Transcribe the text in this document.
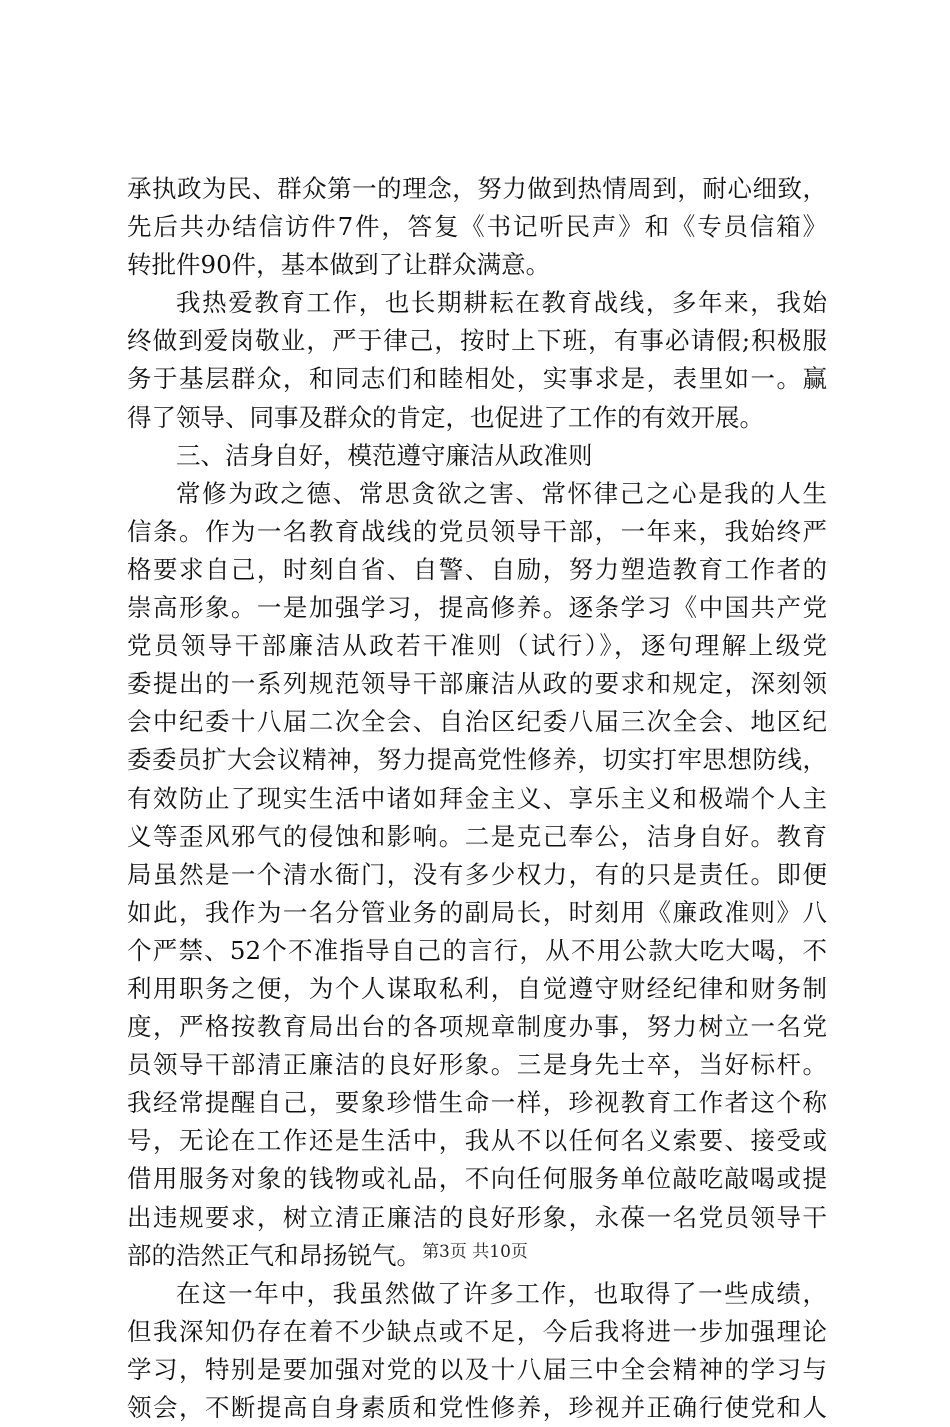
承执政为民、群众第一的理念，努力做到热情周到，耐心细致，
先后共办结信访件7件，答复《书记听民声》和《专员信箱》
转批件90件，基本做到了让群众满意。
我热爱教育工作，也长期耕耘在教育战线，多年来，我始
终做到爱岗敬业，严于律己，按时上下班，有事必请假;积极服
务于基层群众，和同志们和睦相处，实事求是，表里如一。赢
得了领导、同事及群众的肯定，也促进了工作的有效开展。
三、洁身自好，模范遵守廉洁从政准则
常修为政之德、常思贪欲之害、常怀律己之心是我的人生
信条。作为一名教育战线的党员领导干部，一年来，我始终严
格要求自己，时刻自省、自警、自励，努力塑造教育工作者的
崇高形象。一是加强学习，提高修养。逐条学习《中国共产党
党员领导干部廉洁从政若干准则（试行）》，逐句理解上级党
委提出的一系列规范领导干部廉洁从政的要求和规定，深刻领
会中纪委十八届二次全会、自治区纪委八届三次全会、地区纪
委委员扩大会议精神，努力提高党性修养，切实打牢思想防线，
有效防止了现实生活中诸如拜金主义、享乐主义和极端个人主
义等歪风邪气的侵蚀和影响。二是克己奉公，洁身自好。教育
局虽然是一个清水衙门，没有多少权力，有的只是责任。即便
如此，我作为一名分管业务的副局长，时刻用《廉政准则》八
个严禁、52个不准指导自己的言行，从不用公款大吃大喝，不
利用职务之便，为个人谋取私利，自觉遵守财经纪律和财务制
度，严格按教育局出台的各项规章制度办事，努力树立一名党
员领导干部清正廉洁的良好形象。三是身先士卒，当好标杆。
我经常提醒自己，要象珍惜生命一样，珍视教育工作者这个称
号，无论在工作还是生活中，我从不以任何名义索要、接受或
借用服务对象的钱物或礼品，不向任何服务单位敲吃敲喝或提
出违规要求，树立清正廉洁的良好形象，永葆一名党员领导干
部的浩然正气和昂扬锐气。
在这一年中，我虽然做了许多工作，也取得了一些成绩，
但我深知仍存在着不少缺点或不足，今后我将进一步加强理论
学习，特别是要加强对党的以及十八届三中全会精神的学习与
领会，不断提高自身素质和党性修养，珍视并正确行使党和人
第3页 共10页
